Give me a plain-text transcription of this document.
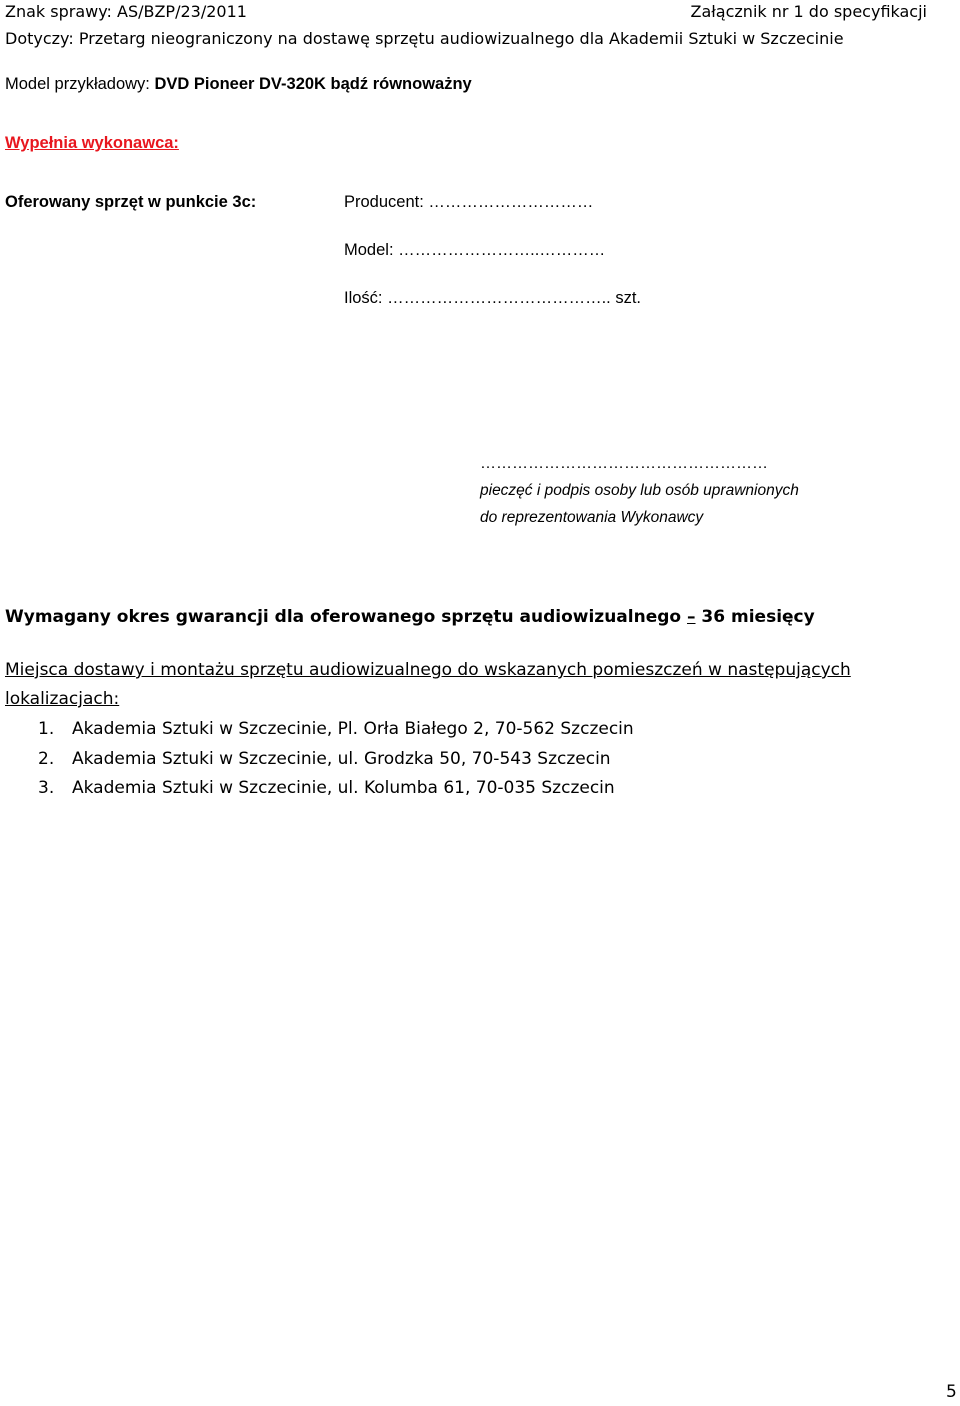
Znak sprawy: AS/BZP/23/2011	Załącznik nr 1 do specyfikacji
Dotyczy: Przetarg nieograniczony na dostawę sprzętu audiowizualnego dla Akademii Sztuki w Szczecinie
Model przykładowy: DVD Pioneer DV-320K bądź równoważny
Wypełnia wykonawca:
Oferowany sprzęt w punkcie 3c:	Producent: …………………………
Model: ……………………..…………
Ilość: ………………………………….. szt.
………………………………………………
pieczęć i podpis osoby lub osób uprawnionych
do reprezentowania Wykonawcy
Wymagany okres gwarancji dla oferowanego sprzętu audiowizualnego – 36 miesięcy

Miejsca dostawy i montażu sprzętu audiowizualnego do wskazanych pomieszczeń w następujących lokalizacjach:

1. Akademia Sztuki w Szczecinie, Pl. Orła Białego 2, 70-562 Szczecin
2. Akademia Sztuki w Szczecinie, ul. Grodzka 50, 70-543 Szczecin
3. Akademia Sztuki w Szczecinie, ul. Kolumba 61, 70-035 Szczecin
5
